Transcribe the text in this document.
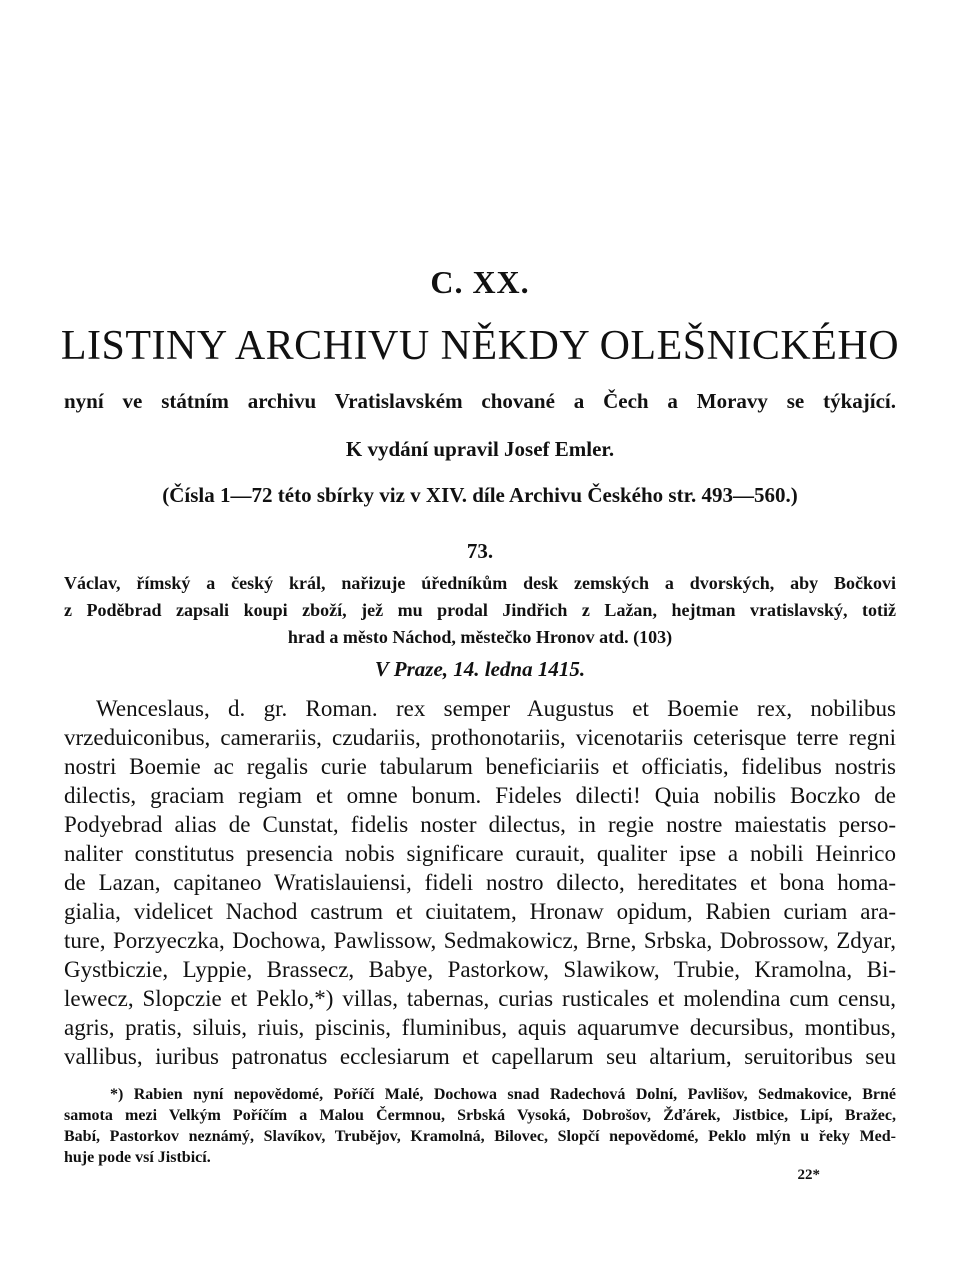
C. XX.
LISTINY ARCHIVU NĚKDY OLEŠNICKÉHO
nyní ve státním archivu Vratislavském chované a Čech a Moravy se týkající.
K vydání upravil Josef Emler.
(Čísla 1—72 této sbírky viz v XIV. díle Archivu Českého str. 493—560.)
73.
Václav, římský a český král, nařizuje úředníkům desk zemských a dvorských, aby Bočkovi
z Poděbrad zapsali koupi zboží, jež mu prodal Jindřich z Lažan, hejtman vratislavský, totiž
hrad a město Náchod, městečko Hronov atd. (103)
V Praze, 14. ledna 1415.
Wenceslaus, d. gr. Roman. rex semper Augustus et Boemie rex, nobilibus
vrzeduiconibus, camerariis, czudariis, prothonotariis, vicenotariis ceterisque terre regni
nostri Boemie ac regalis curie tabularum beneficiariis et officiatis, fidelibus nostris
dilectis, graciam regiam et omne bonum. Fideles dilecti! Quia nobilis Boczko de
Podyebrad alias de Cunstat, fidelis noster dilectus, in regie nostre maiestatis perso-
naliter constitutus presencia nobis significare curauit, qualiter ipse a nobili Heinrico
de Lazan, capitaneo Wratislauiensi, fideli nostro dilecto, hereditates et bona homa-
gialia, videlicet Nachod castrum et ciuitatem, Hronaw opidum, Rabien curiam ara-
ture, Porzyeczka, Dochowa, Pawlissow, Sedmakowicz, Brne, Srbska, Dobrossow, Zdyar,
Gystbiczie, Lyppie, Brassecz, Babye, Pastorkow, Slawikow, Trubie, Kramolna, Bi-
lewecz, Slopczie et Peklo,*) villas, tabernas, curias rusticales et molendina cum censu,
agris, pratis, siluis, riuis, piscinis, fluminibus, aquis aquarumve decursibus, montibus,
vallibus, iuribus patronatus ecclesiarum et capellarum seu altarium, seruitoribus seu
*) Rabien nyní nepovědomé, Poříčí Malé, Dochowa snad Radechová Dolní, Pavlišov, Sedmakovice, Brné
samota mezi Velkým Poříčím a Malou Čermnou, Srbská Vysoká, Dobrošov, Žďárek, Jistbice, Lipí, Bražec,
Babí, Pastorkov neznámý, Slavíkov, Trubějov, Kramolná, Bilovec, Slopčí nepovědomé, Peklo mlýn u řeky Med-
huje pode vsí Jistbicí.
22*
